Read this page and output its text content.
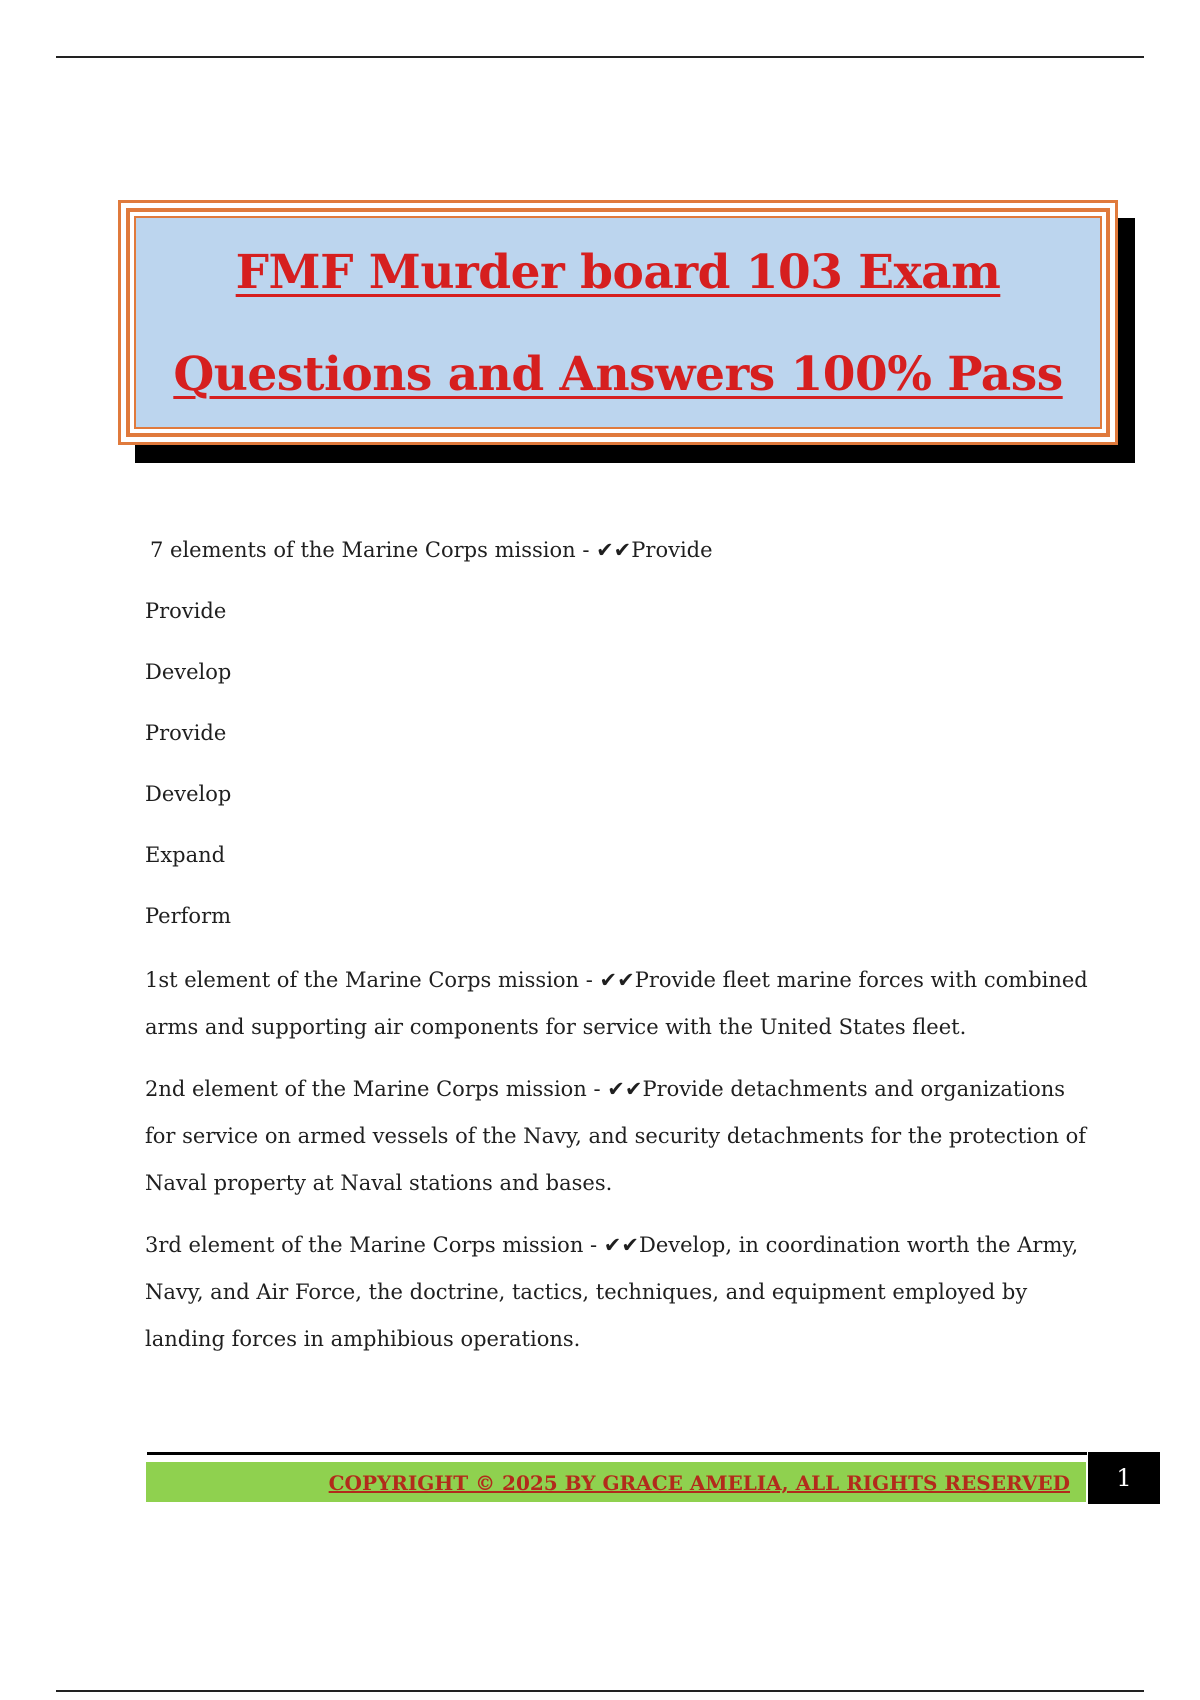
FMF Murder board 103 Exam
Questions and Answers 100% Pass

7 elements of the Marine Corps mission - ✔✔Provide

Provide

Develop

Provide

Develop

Expand

Perform

1st element of the Marine Corps mission - ✔✔Provide fleet marine forces with combined arms and supporting air components for service with the United States fleet.

2nd element of the Marine Corps mission - ✔✔Provide detachments and organizations for service on armed vessels of the Navy, and security detachments for the protection of Naval property at Naval stations and bases.

3rd element of the Marine Corps mission - ✔✔Develop, in coordination worth the Army, Navy, and Air Force, the doctrine, tactics, techniques, and equipment employed by landing forces in amphibious operations.

COPYRIGHT © 2025 BY GRACE AMELIA, ALL RIGHTS RESERVED	1
